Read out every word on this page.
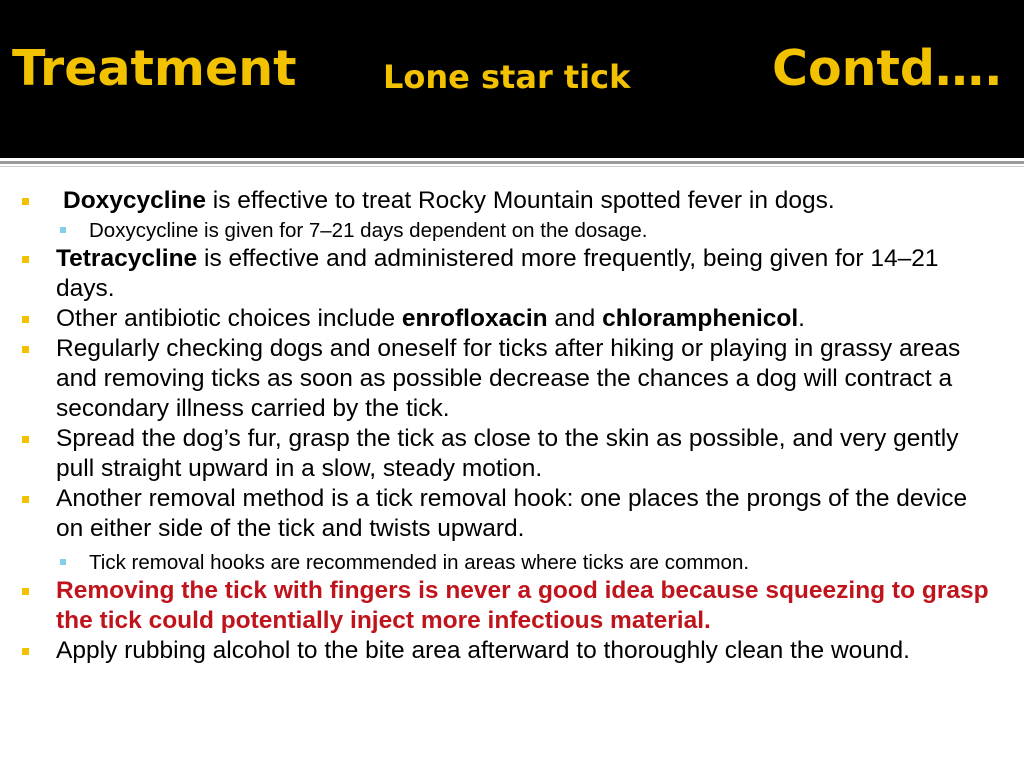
Treatment	Lone star tick	Contd….
Doxycycline is effective to treat Rocky Mountain spotted fever in dogs.
Doxycycline is given for 7–21 days dependent on the dosage.
Tetracycline is effective and administered more frequently, being given for 14–21 days.
Other antibiotic choices include enrofloxacin and chloramphenicol.
Regularly checking dogs and oneself for ticks after hiking or playing in grassy areas and removing ticks as soon as possible decrease the chances a dog will contract a secondary illness carried by the tick.
Spread the dog’s fur, grasp the tick as close to the skin as possible, and very gently pull straight upward in a slow, steady motion.
Another removal method is a tick removal hook: one places the prongs of the device on either side of the tick and twists upward.
Tick removal hooks are recommended in areas where ticks are common.
Removing the tick with fingers is never a good idea because squeezing to grasp the tick could potentially inject more infectious material.
Apply rubbing alcohol to the bite area afterward to thoroughly clean the wound.
